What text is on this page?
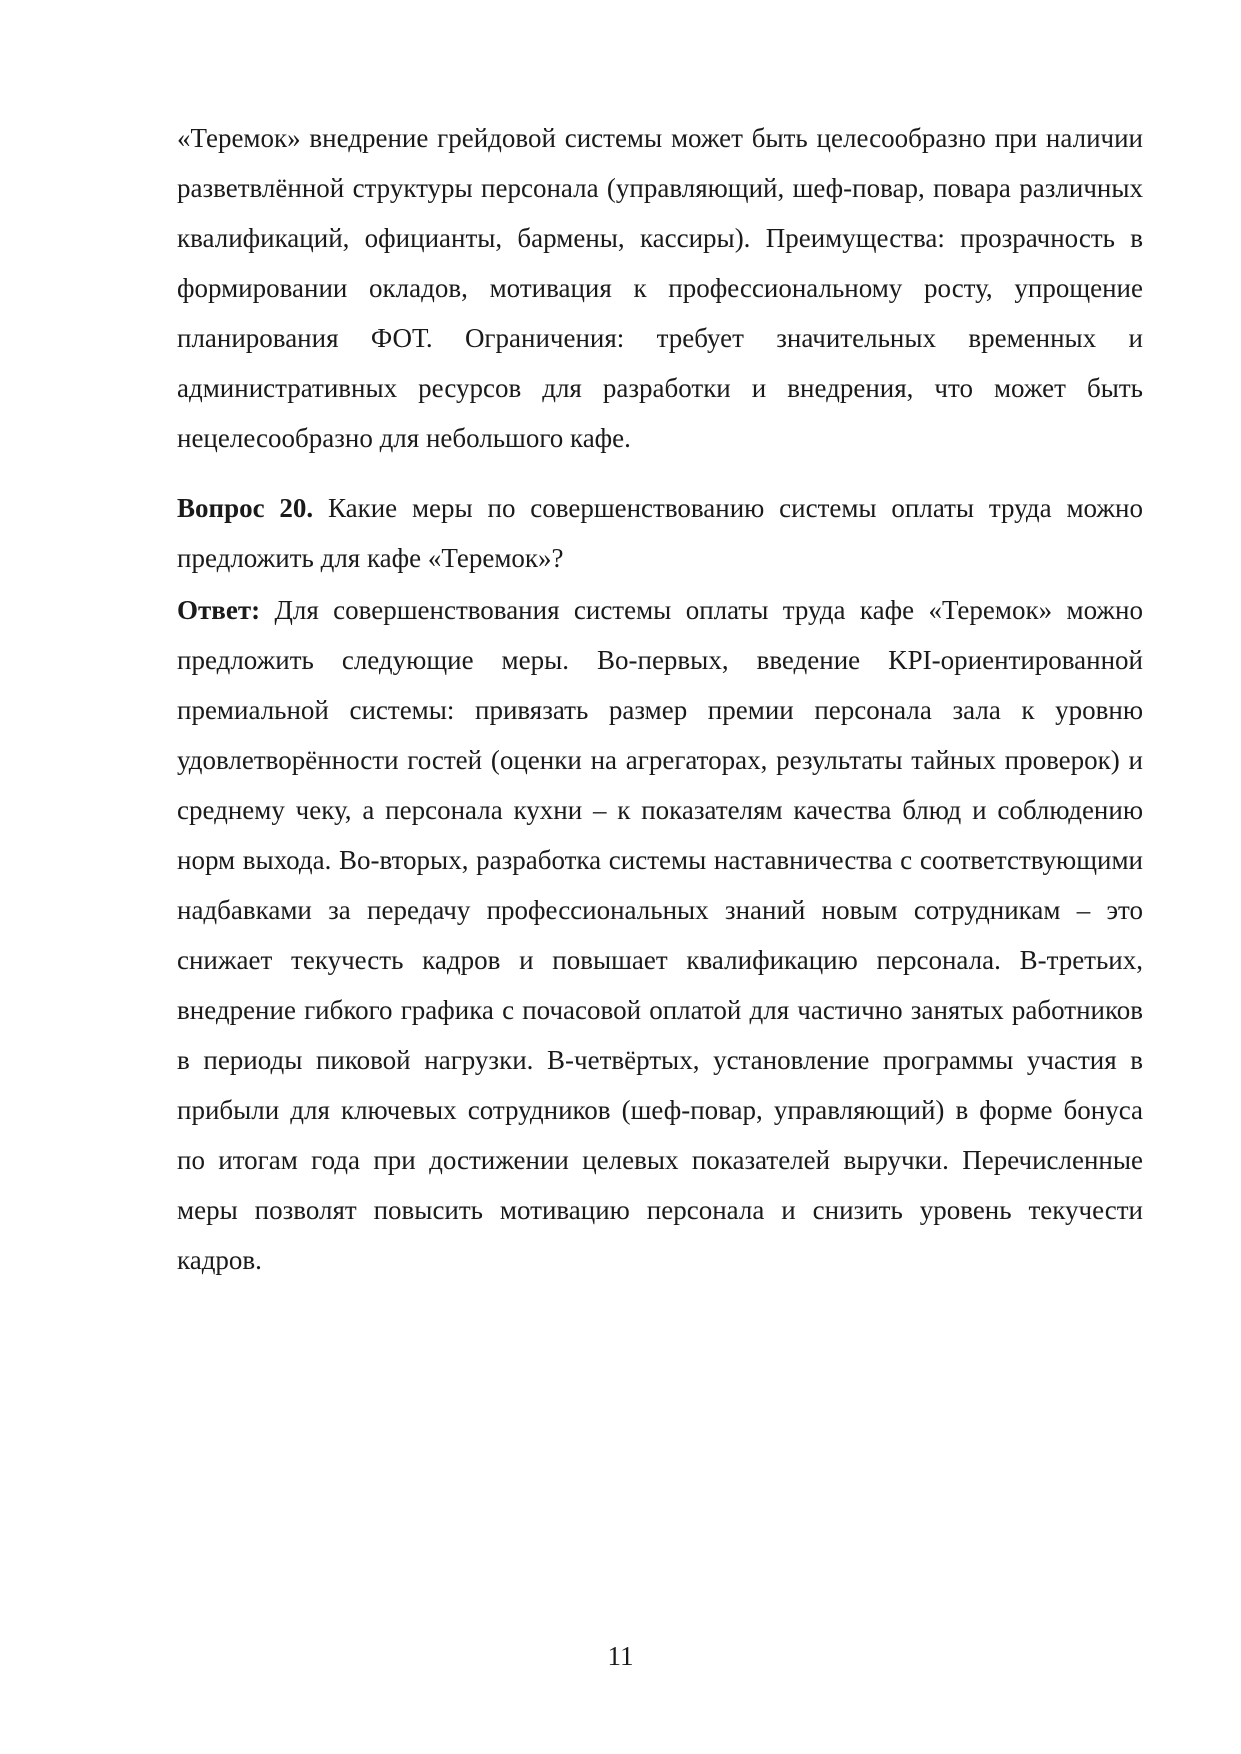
«Теремок» внедрение грейдовой системы может быть целесообразно при наличии разветвлённой структуры персонала (управляющий, шеф-повар, повара различных квалификаций, официанты, бармены, кассиры). Преимущества: прозрачность в формировании окладов, мотивация к профессиональному росту, упрощение планирования ФОТ. Ограничения: требует значительных временных и административных ресурсов для разработки и внедрения, что может быть нецелесообразно для небольшого кафе.

Вопрос 20. Какие меры по совершенствованию системы оплаты труда можно предложить для кафе «Теремок»?

Ответ: Для совершенствования системы оплаты труда кафе «Теремок» можно предложить следующие меры. Во-первых, введение KPI-ориентированной премиальной системы: привязать размер премии персонала зала к уровню удовлетворённости гостей (оценки на агрегаторах, результаты тайных проверок) и среднему чеку, а персонала кухни – к показателям качества блюд и соблюдению норм выхода. Во-вторых, разработка системы наставничества с соответствующими надбавками за передачу профессиональных знаний новым сотрудникам – это снижает текучесть кадров и повышает квалификацию персонала. В-третьих, внедрение гибкого графика с почасовой оплатой для частично занятых работников в периоды пиковой нагрузки. В-четвёртых, установление программы участия в прибыли для ключевых сотрудников (шеф-повар, управляющий) в форме бонуса по итогам года при достижении целевых показателей выручки. Перечисленные меры позволят повысить мотивацию персонала и снизить уровень текучести кадров.

11
